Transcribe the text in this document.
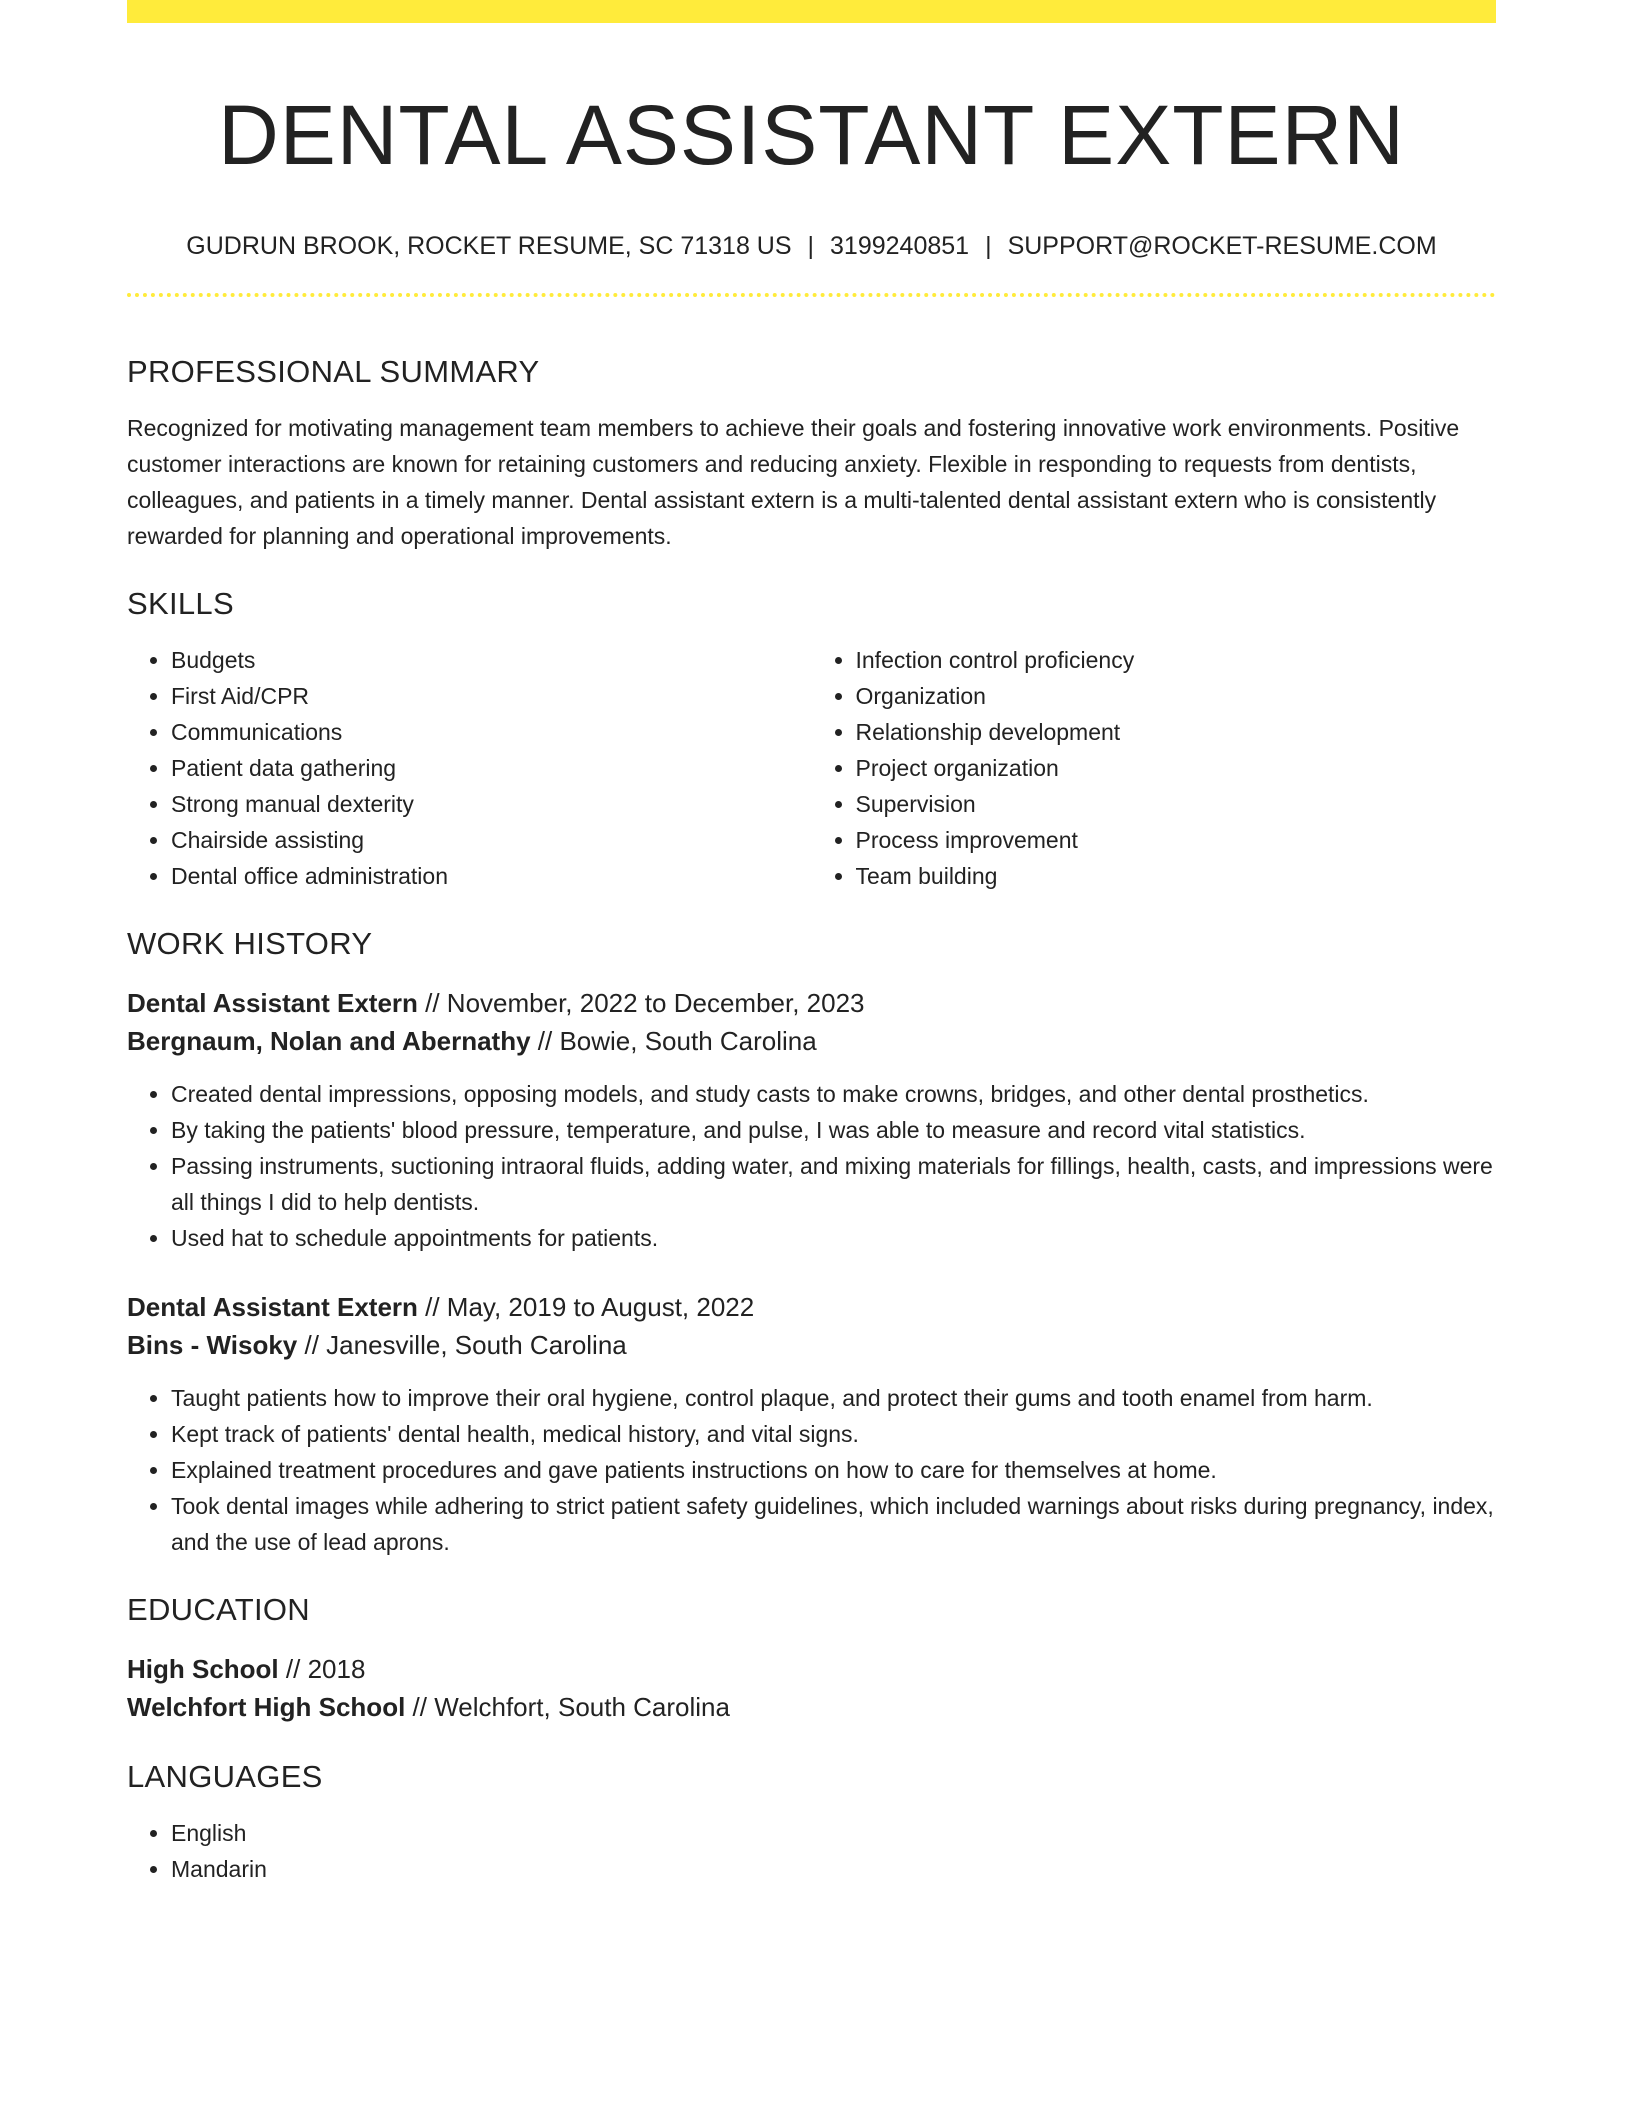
DENTAL ASSISTANT EXTERN
GUDRUN BROOK, ROCKET RESUME, SC 71318 US | 3199240851 | SUPPORT@ROCKET-RESUME.COM
PROFESSIONAL SUMMARY

Recognized for motivating management team members to achieve their goals and fostering innovative work environments. Positive customer interactions are known for retaining customers and reducing anxiety. Flexible in responding to requests from dentists, colleagues, and patients in a timely manner. Dental assistant extern is a multi-talented dental assistant extern who is consistently rewarded for planning and operational improvements.

SKILLS
• Budgets
• First Aid/CPR
• Communications
• Patient data gathering
• Strong manual dexterity
• Chairside assisting
• Dental office administration
• Infection control proficiency
• Organization
• Relationship development
• Project organization
• Supervision
• Process improvement
• Team building
WORK HISTORY
Dental Assistant Extern // November, 2022 to December, 2023
Bergnaum, Nolan and Abernathy // Bowie, South Carolina
• Created dental impressions, opposing models, and study casts to make crowns, bridges, and other dental prosthetics.
• By taking the patients' blood pressure, temperature, and pulse, I was able to measure and record vital statistics.
• Passing instruments, suctioning intraoral fluids, adding water, and mixing materials for fillings, health, casts, and impressions were all things I did to help dentists.
• Used hat to schedule appointments for patients.
Dental Assistant Extern // May, 2019 to August, 2022
Bins - Wisoky // Janesville, South Carolina
• Taught patients how to improve their oral hygiene, control plaque, and protect their gums and tooth enamel from harm.
• Kept track of patients' dental health, medical history, and vital signs.
• Explained treatment procedures and gave patients instructions on how to care for themselves at home.
• Took dental images while adhering to strict patient safety guidelines, which included warnings about risks during pregnancy, index, and the use of lead aprons.
EDUCATION
High School // 2018
Welchfort High School // Welchfort, South Carolina
LANGUAGES
• English
• Mandarin
